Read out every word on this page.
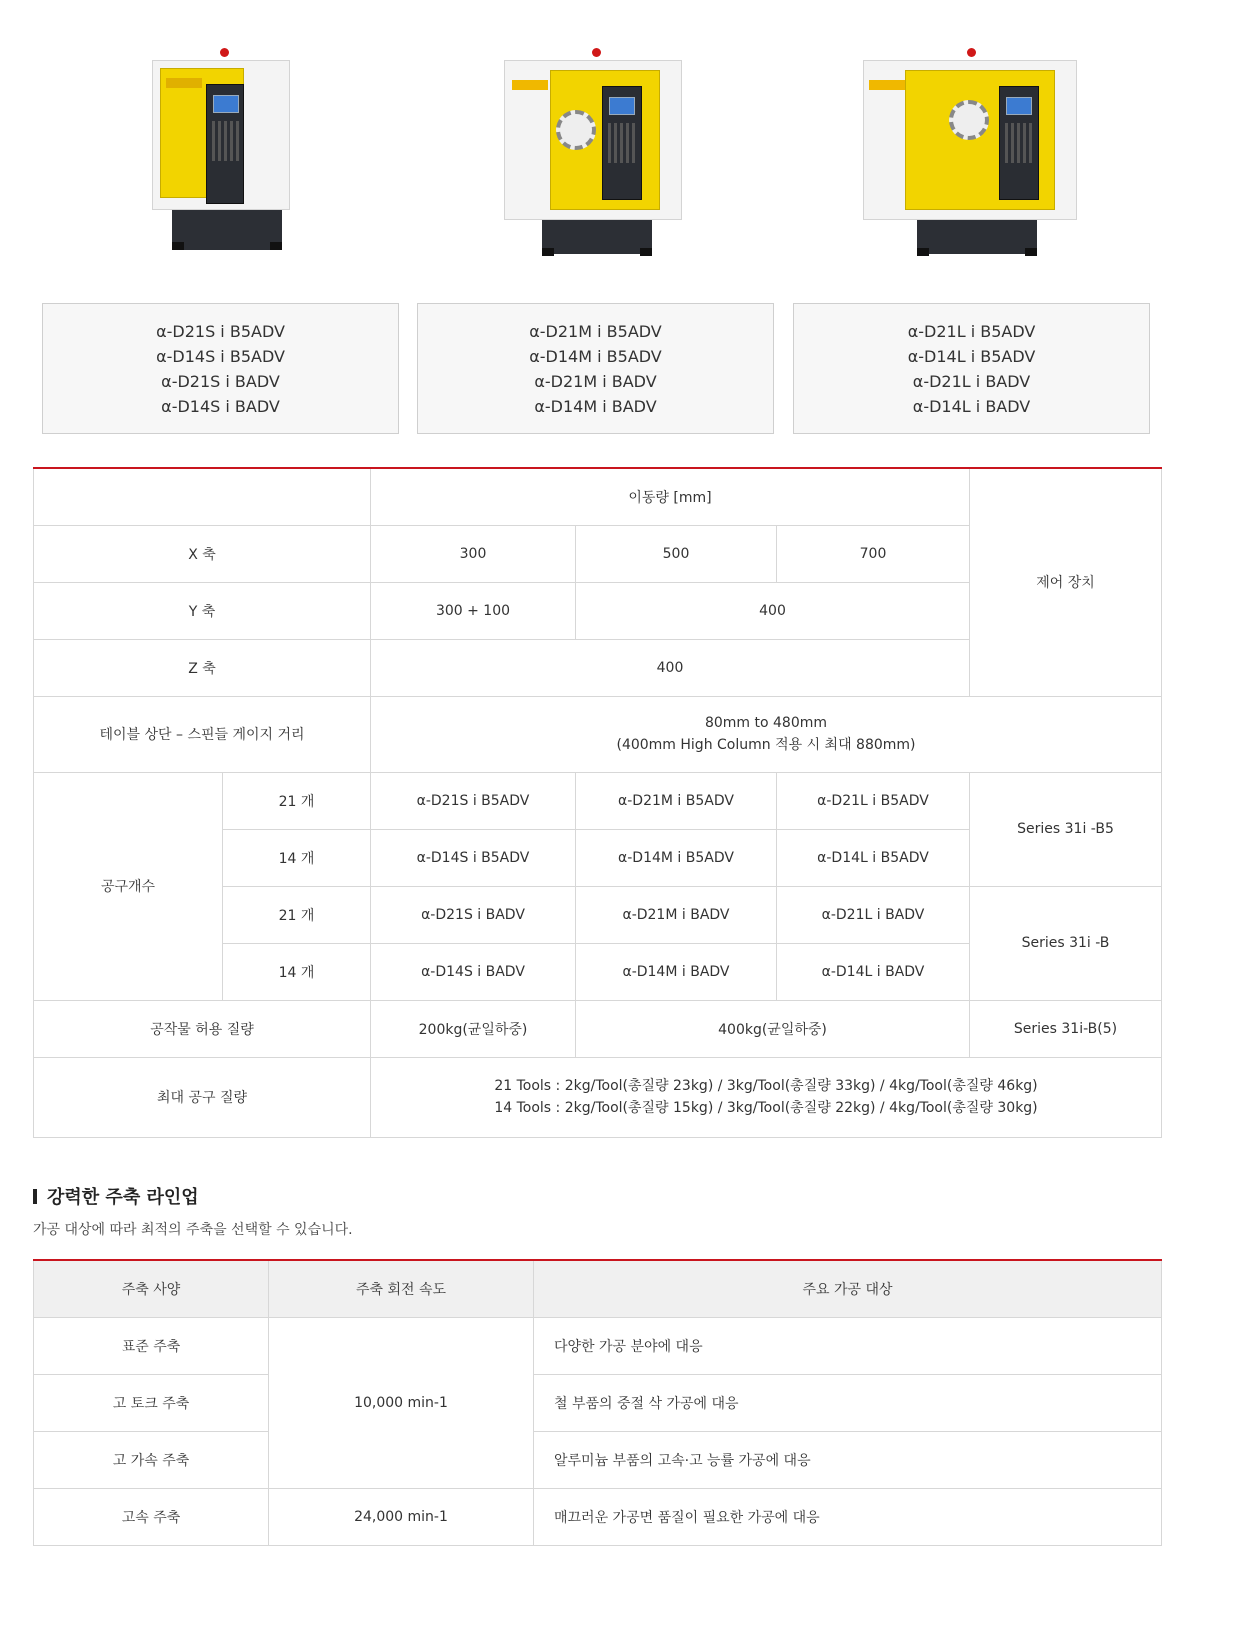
α-D21S i B5ADV
α-D14S i B5ADV
α-D21S i BADV
α-D14S i BADV
α-D21M i B5ADV
α-D14M i B5ADV
α-D21M i BADV
α-D14M i BADV
α-D21L i B5ADV
α-D14L i B5ADV
α-D21L i BADV
α-D14L i BADV
		이동량 [mm]			제어 장치
X 축		300	500	700	
Y 축		300 + 100	400		
Z 축		400			
테이블 상단 – 스핀들 게이지 거리		80mm to 480mm
(400mm High Column 적용 시 최대 880mm)			

공구개수	21 개	α-D21S i B5ADV	α-D21M i B5ADV	α-D21L i B5ADV	Series 31i -B5
	14 개	α-D14S i B5ADV	α-D14M i B5ADV	α-D14L i B5ADV	
	21 개	α-D21S i BADV	α-D21M i BADV	α-D21L i BADV	Series 31i -B
	14 개	α-D14S i BADV	α-D14M i BADV	α-D14L i BADV	
공작물 허용 질량		200kg(균일하중)	400kg(균일하중)		Series 31i-B(5)
최대 공구 질량		21 Tools : 2kg/Tool(총질량 23kg) / 3kg/Tool(총질량 33kg) / 4kg/Tool(총질량 46kg)
14 Tools : 2kg/Tool(총질량 15kg) / 3kg/Tool(총질량 22kg) / 4kg/Tool(총질량 30kg)			
강력한 주축 라인업
가공 대상에 따라 최적의 주축을 선택할 수 있습니다.
주축 사양	주축 회전 속도	주요 가공 대상
표준 주축	10,000 min-1	다양한 가공 분야에 대응
고 토크 주축		철 부품의 중절 삭 가공에 대응
고 가속 주축		알루미늄 부품의 고속·고 능률 가공에 대응
고속 주축	24,000 min-1	매끄러운 가공면 품질이 필요한 가공에 대응
